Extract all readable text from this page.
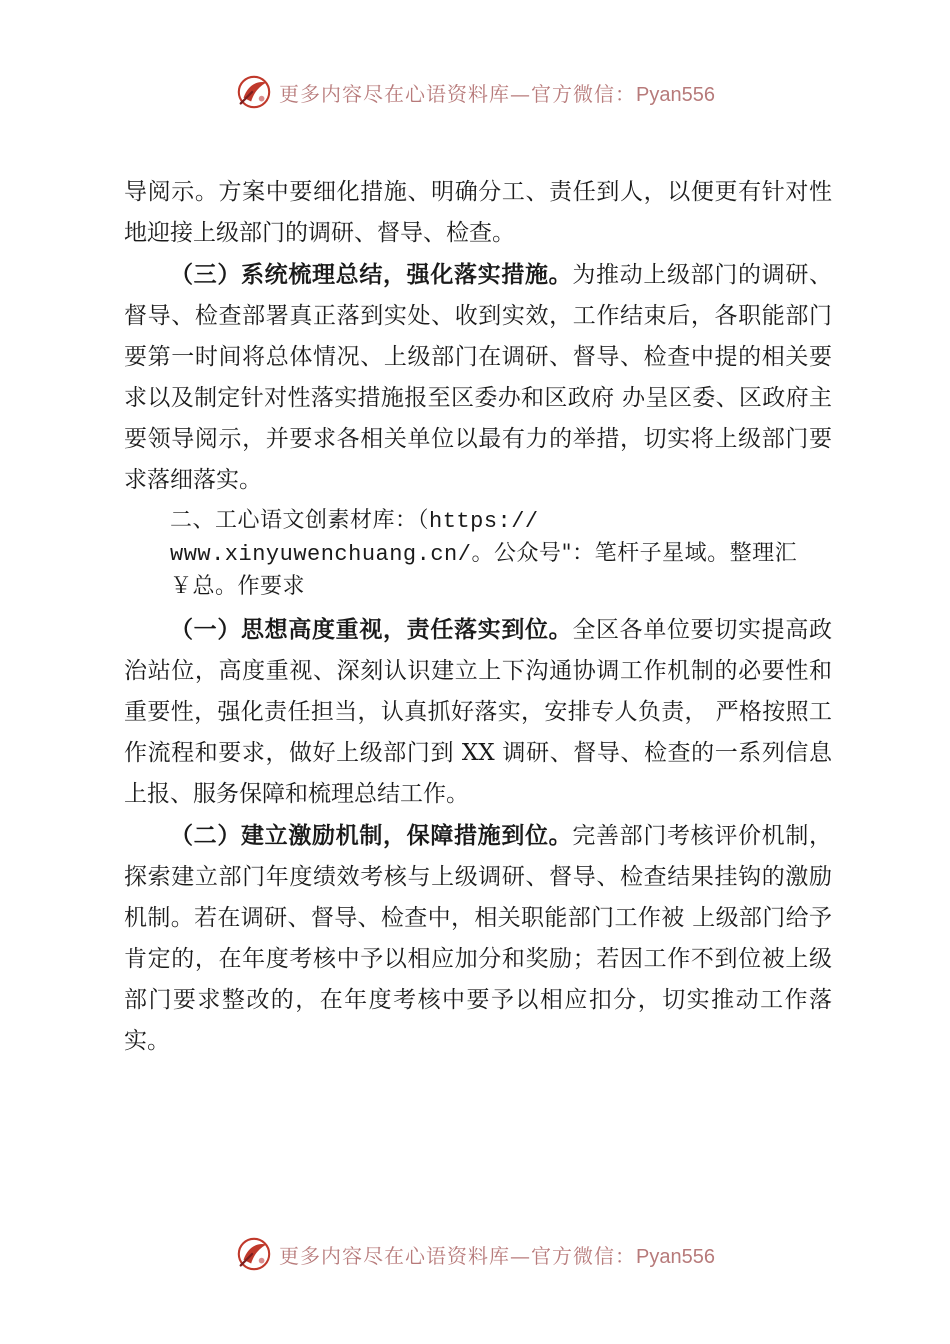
更多内容尽在心语资料库—官方微信：Pyan556

导阅示。方案中要细化措施、明确分工、责任到人，以便更有针对性地迎接上级部门的调研、督导、检查。

（三）系统梳理总结，强化落实措施。为推动上级部门的调研、督导、检查部署真正落到实处、收到实效，工作结束后，各职能部门要第一时间将总体情况、上级部门在调研、督导、检查中提的相关要求以及制定针对性落实措施报至区委办和区政府 办呈区委、区政府主要领导阅示，并要求各相关单位以最有力的举措，切实将上级部门要求落细落实。

二、工心语文创素材库：（https://
www.xinyuwenchuang.cn/。公众号"：笔杆子星域。整理汇
￥总。作要求

（一）思想高度重视，责任落实到位。全区各单位要切实提高政治站位，高度重视、深刻认识建立上下沟通协调工作机制的必要性和重要性，强化责任担当，认真抓好落实，安排专人负责， 严格按照工作流程和要求，做好上级部门到 XX 调研、督导、检查的一系列信息上报、服务保障和梳理总结工作。

（二）建立激励机制，保障措施到位。完善部门考核评价机制，探索建立部门年度绩效考核与上级调研、督导、检查结果挂钩的激励机制。若在调研、督导、检查中，相关职能部门工作被 上级部门给予肯定的，在年度考核中予以相应加分和奖励；若因工作不到位被上级部门要求整改的，在年度考核中要予以相应扣分，切实推动工作落实。

更多内容尽在心语资料库—官方微信：Pyan556
